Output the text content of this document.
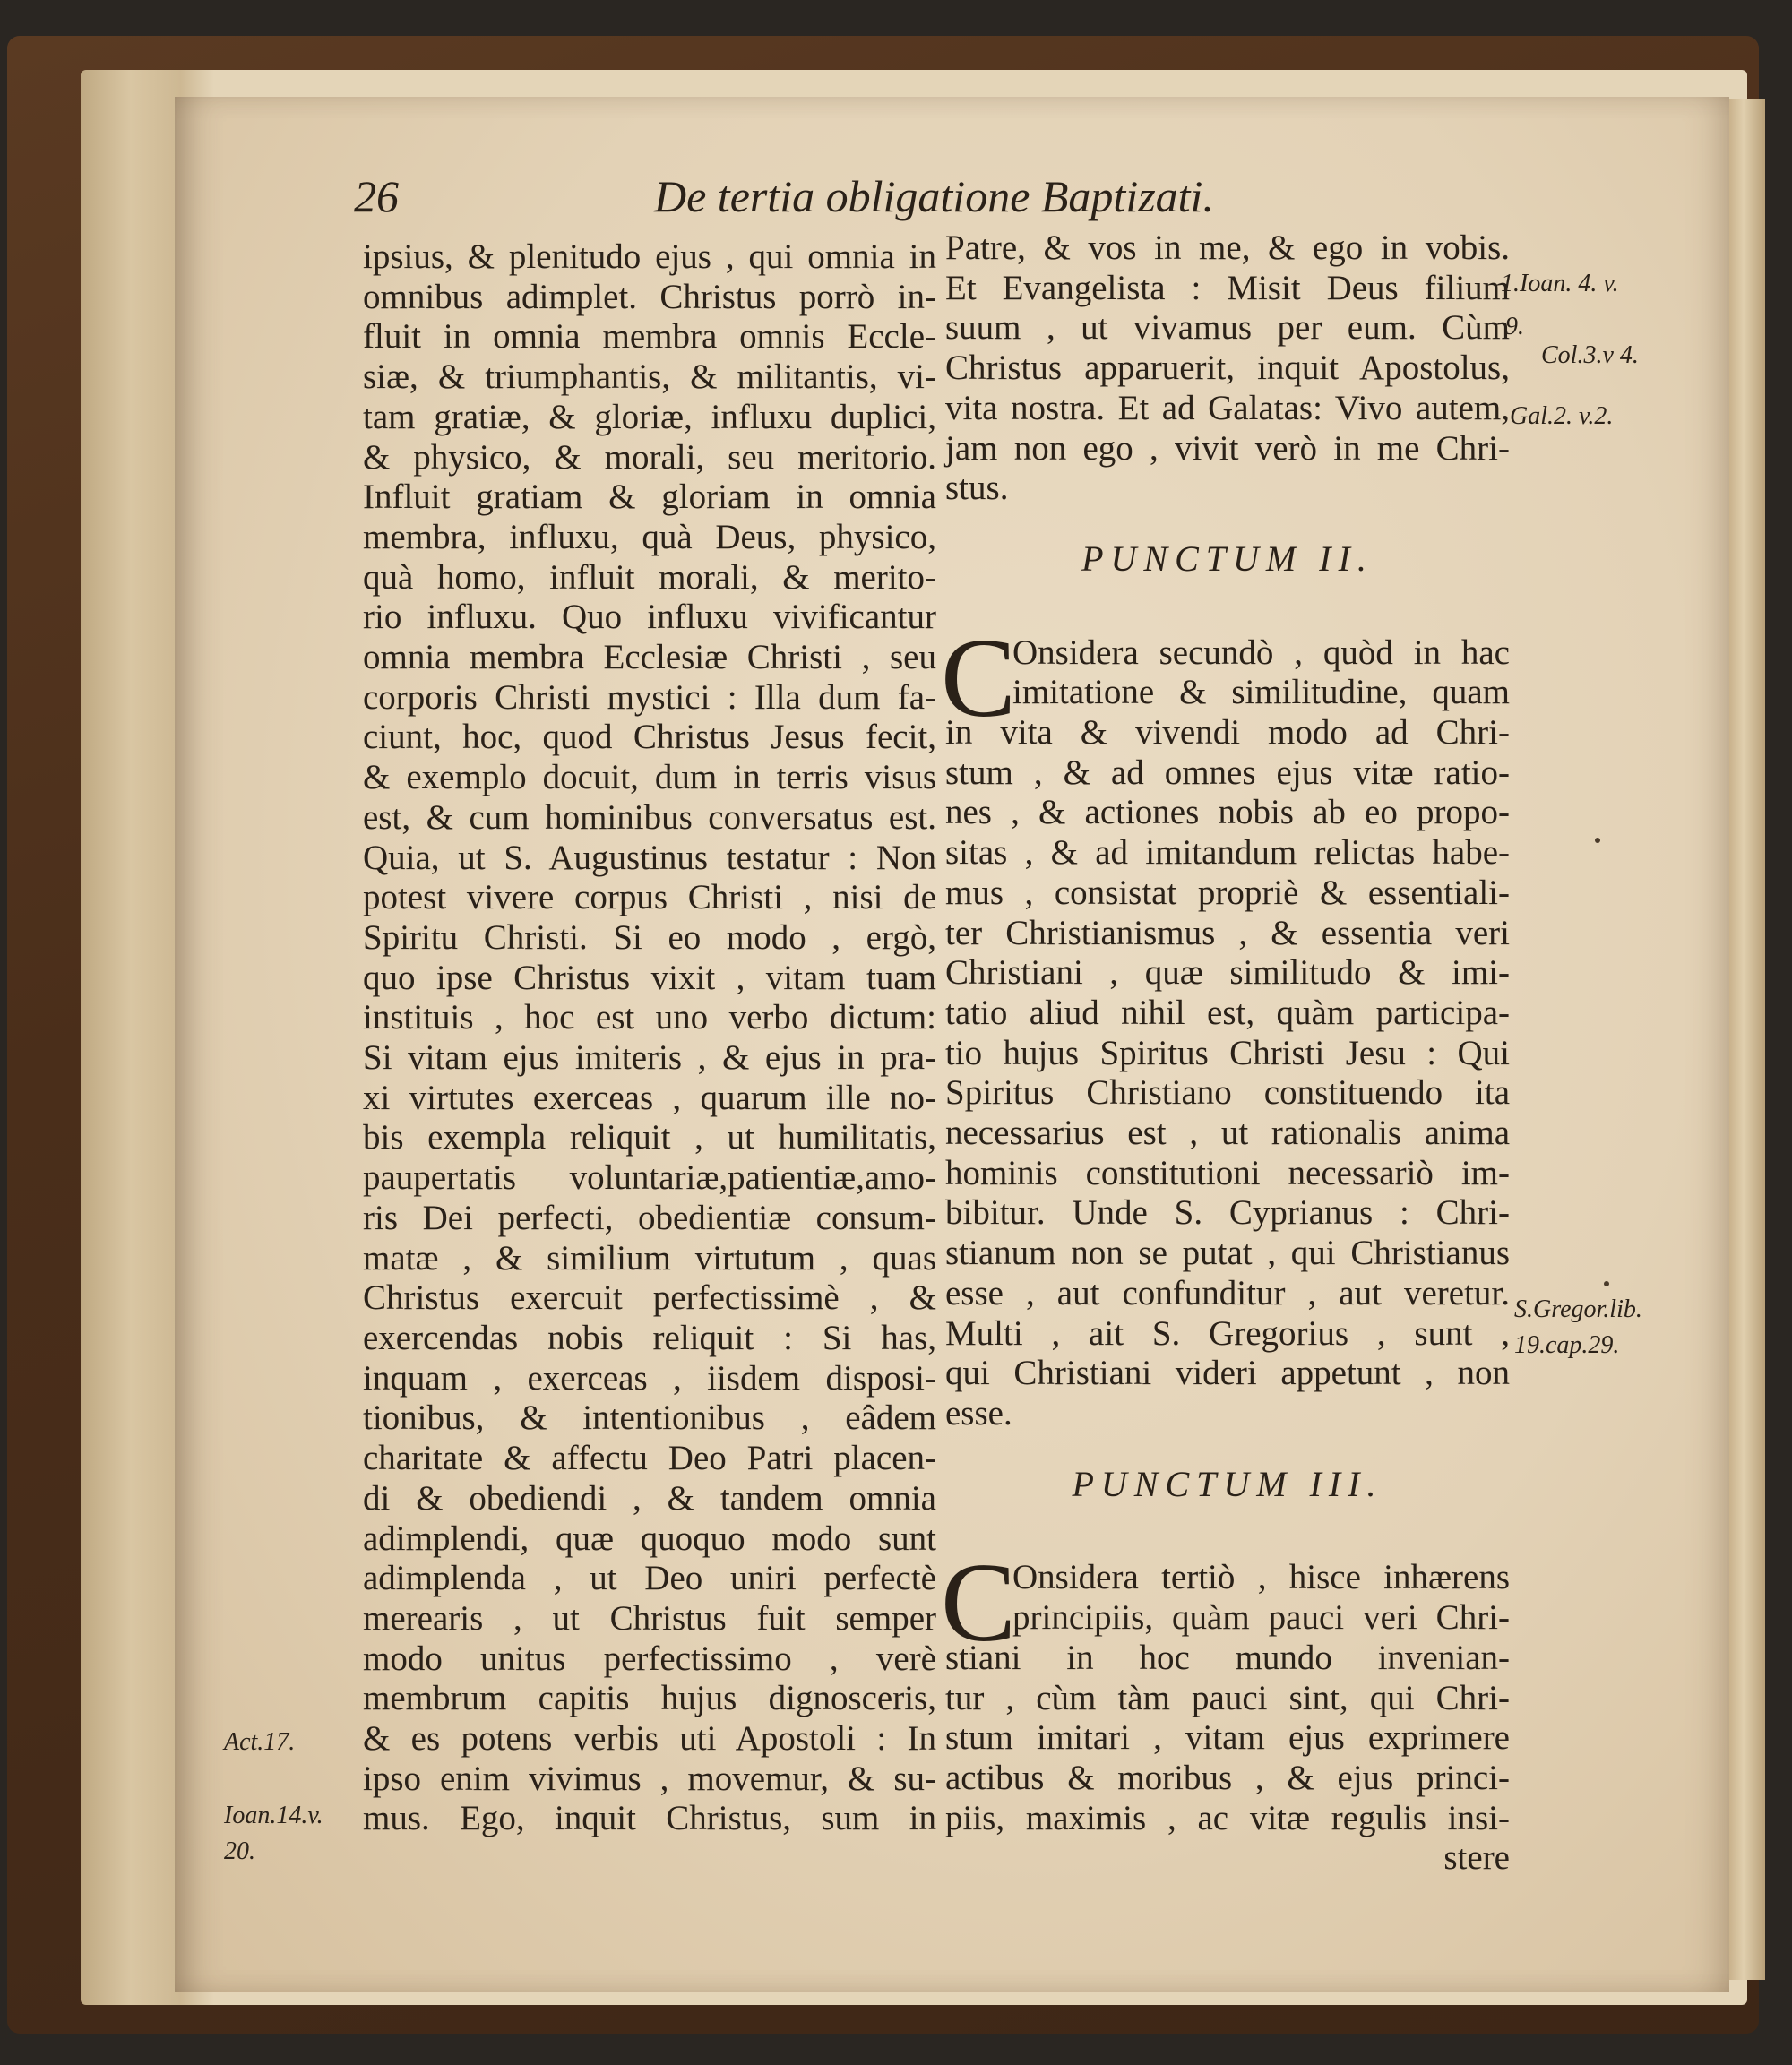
26	De tertia obligatione Baptizati.
ipsius, & plenitudo ejus , qui omnia in
omnibus adimplet. Christus porrò in-
fluit in omnia membra omnis Eccle-
siæ, & triumphantis, & militantis, vi-
tam gratiæ, & gloriæ, influxu duplici,
& physico, & morali, seu meritorio.
Influit gratiam & gloriam in omnia
membra, influxu, quà Deus, physico,
quà homo, influit morali, & merito-
rio influxu. Quo influxu vivificantur
omnia membra Ecclesiæ Christi , seu
corporis Christi mystici : Illa dum fa-
ciunt, hoc, quod Christus Jesus fecit,
& exemplo docuit, dum in terris visus
est, & cum hominibus conversatus est.
Quia, ut S. Augustinus testatur : Non
potest vivere corpus Christi , nisi de
Spiritu Christi. Si eo modo , ergò,
quo ipse Christus vixit , vitam tuam
instituis , hoc est uno verbo dictum:
Si vitam ejus imiteris , & ejus in pra-
xi virtutes exerceas , quarum ille no-
bis exempla reliquit , ut humilitatis,
paupertatis voluntariæ,patientiæ,amo-
ris Dei perfecti, obedientiæ consum-
matæ , & similium virtutum , quas
Christus exercuit perfectissimè , &
exercendas nobis reliquit : Si has,
inquam , exerceas , iisdem disposi-
tionibus, & intentionibus , eâdem
charitate & affectu Deo Patri placen-
di & obediendi , & tandem omnia
adimplendi, quæ quoquo modo sunt
adimplenda , ut Deo uniri perfectè
merearis , ut Christus fuit semper
modo unitus perfectissimo , verè
membrum capitis hujus dignosceris,
& es potens verbis uti Apostoli : In
ipso enim vivimus , movemur, & su-
mus. Ego, inquit Christus, sum in
Patre, & vos in me, & ego in vobis.
Et Evangelista : Misit Deus filium
suum , ut vivamus per eum. Cùm
Christus apparuerit, inquit Apostolus,
vita nostra. Et ad Galatas: Vivo autem,
jam non ego , vivit verò in me Chri-
stus.
PUNCTUM II.
C
Onsidera secundò , quòd in hac
imitatione & similitudine, quam
in vita & vivendi modo ad Chri-
stum , & ad omnes ejus vitæ ratio-
nes , & actiones nobis ab eo propo-
sitas , & ad imitandum relictas habe-
mus , consistat propriè & essentiali-
ter Christianismus , & essentia veri
Christiani , quæ similitudo & imi-
tatio aliud nihil est, quàm participa-
tio hujus Spiritus Christi Jesu : Qui
Spiritus Christiano constituendo ita
necessarius est , ut rationalis anima
hominis constitutioni necessariò im-
bibitur. Unde S. Cyprianus : Chri-
stianum non se putat , qui Christianus
esse , aut confunditur , aut veretur.
Multi , ait S. Gregorius , sunt ,
qui Christiani videri appetunt , non
esse.
PUNCTUM III.
C
Onsidera tertiò , hisce inhærens
principiis, quàm pauci veri Chri-
stiani in hoc mundo invenian-
tur , cùm tàm pauci sint, qui Chri-
stum imitari , vitam ejus exprimere
actibus & moribus , & ejus princi-
piis, maximis , ac vitæ regulis insi-
stere
1.Ioan. 4. v.
9.
Col.3.v 4.
Gal.2. v.2.
S.Gregor.lib.
19.cap.29.
Act.17.
Ioan.14.v.
20.
